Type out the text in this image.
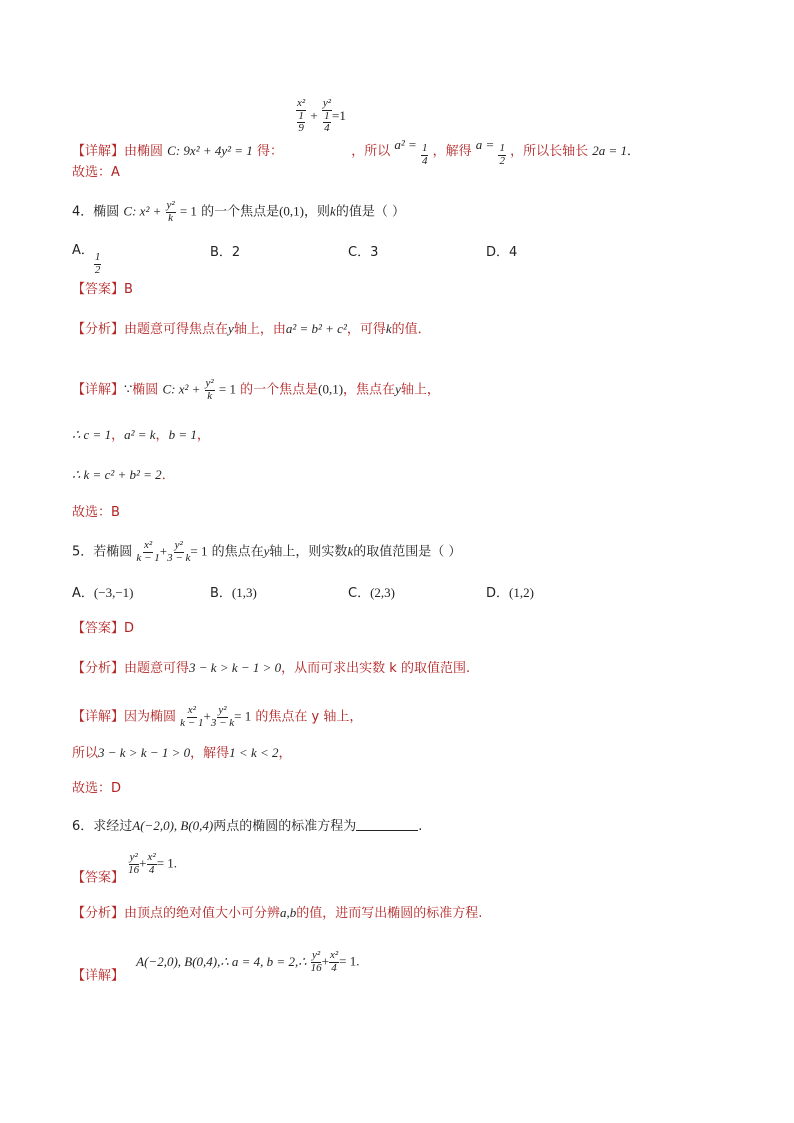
$\frac{\text{x²}}{\frac{1}{9}} + \frac{\text{y²}}{\frac{1}{4}} =1$
【详解】由椭圆 C: 9x² + 4y² = 1 得：	，所以 $a^2 = \frac{1}{4}$ ，解得 $a = \frac{1}{2}$ ，所以长轴长 2a = 1．
故选：A
4．椭圆 C: $x^2 + \frac{\text{y²}}{k} = 1$ 的一个焦点是(0,1)，则k的值是（ ）
A．
$\frac{1}{2}$	B．2	C．3	D．4
【答案】B
【分析】由题意可得焦点在y轴上，由a² = b² + c²，可得k的值．
【详解】∵椭圆 C: $x^2 + \frac{\text{y²}}{k} = 1$ 的一个焦点是(0,1)，焦点在y轴上，
∴ c = 1，a² = k，b = 1，
∴ k = c² + b² = 2．
故选：B
5．若椭圆 $\frac{\text{x²}}{k - 1} + \frac{\text{y²}}{3 - k} = 1$ 的焦点在y轴上，则实数k的取值范围是（ ）
A．(−3,−1)	B．(1,3)	C．(2,3)	D．(1,2)
【答案】D
【分析】由题意可得3 − k > k − 1 > 0，从而可求出实数 k 的取值范围.
【详解】因为椭圆 $\frac{\text{x²}}{k - 1} + \frac{\text{y²}}{3 - k} = 1$ 的焦点在 y 轴上，
所以3 − k > k − 1 > 0，解得1 < k < 2，
故选：D
6．求经过A(−2,0), B(0,4)两点的椭圆的标准方程为	.
【答案】
$\frac{\text{y²}}{16} + \frac{\text{x²}}{4} = 1$.
【分析】由顶点的绝对值大小可分辨a,b的值，进而写出椭圆的标准方程.
【详解】 A(−2,0), B(0,4),∴ a = 4, b = 2,∴ $\frac{\text{y²}}{16} + \frac{\text{x²}}{4} = 1$.
